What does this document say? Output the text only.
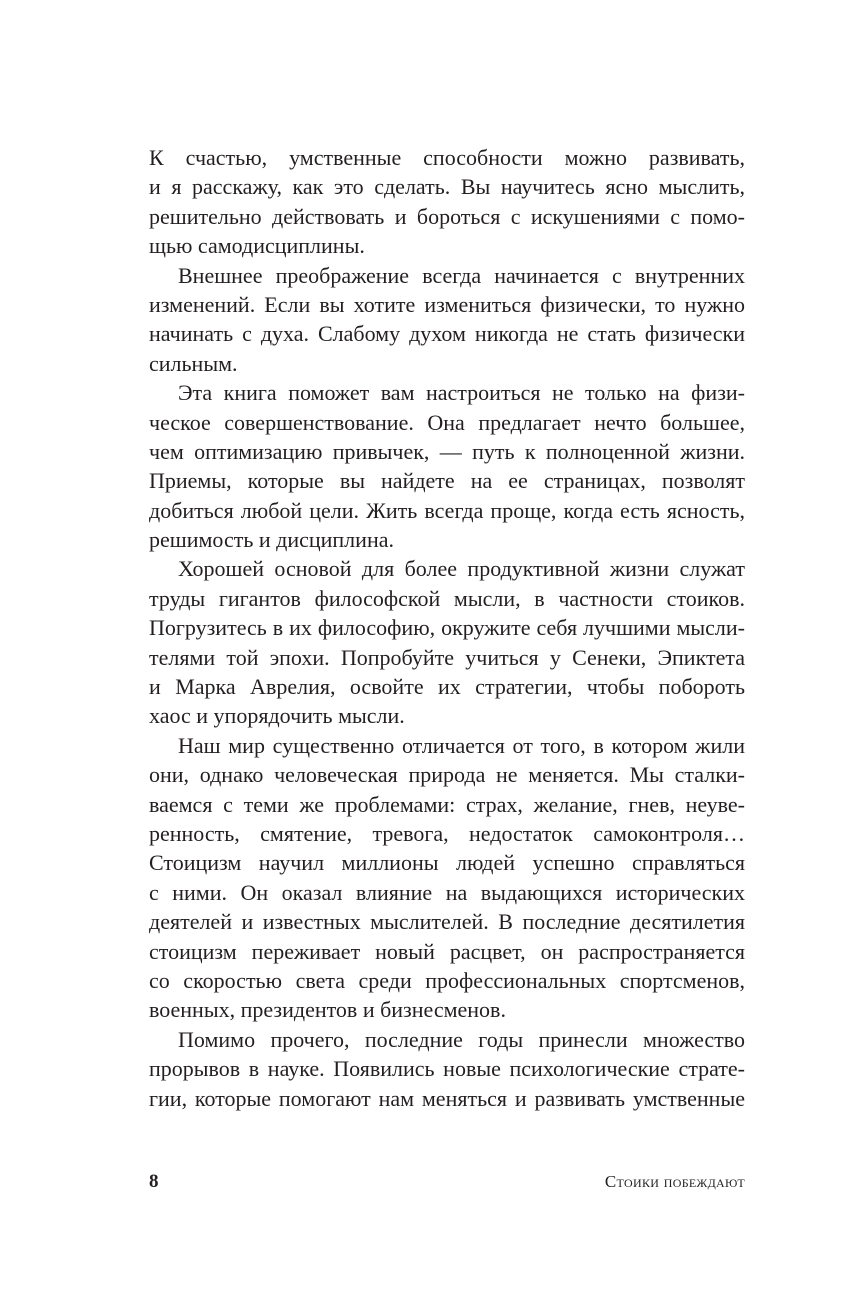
К счастью, умственные способности можно развивать,
и я расскажу, как это сделать. Вы научитесь ясно мыслить,
решительно действовать и бороться с искушениями с помо-
щью самодисциплины.
Внешнее преображение всегда начинается с внутренних
изменений. Если вы хотите измениться физически, то нужно
начинать с духа. Слабому духом никогда не стать физически
сильным.
Эта книга поможет вам настроиться не только на физи-
ческое совершенствование. Она предлагает нечто большее,
чем оптимизацию привычек, — путь к полноценной жизни.
Приемы, которые вы найдете на ее страницах, позволят
добиться любой цели. Жить всегда проще, когда есть ясность,
решимость и дисциплина.
Хорошей основой для более продуктивной жизни служат
труды гигантов философской мысли, в частности стоиков.
Погрузитесь в их философию, окружите себя лучшими мысли-
телями той эпохи. Попробуйте учиться у Сенеки, Эпиктета
и Марка Аврелия, освойте их стратегии, чтобы побороть
хаос и упорядочить мысли.
Наш мир существенно отличается от того, в котором жили
они, однако человеческая природа не меняется. Мы сталки-
ваемся с теми же проблемами: страх, желание, гнев, неуве-
ренность, смятение, тревога, недостаток самоконтроля…
Стоицизм научил миллионы людей успешно справляться
с ними. Он оказал влияние на выдающихся исторических
деятелей и известных мыслителей. В последние десятилетия
стоицизм переживает новый расцвет, он распространяется
со скоростью света среди профессиональных спортсменов,
военных, президентов и бизнесменов.
Помимо прочего, последние годы принесли множество
прорывов в науке. Появились новые психологические страте-
гии, которые помогают нам меняться и развивать умственные
8	Стоики побеждают
